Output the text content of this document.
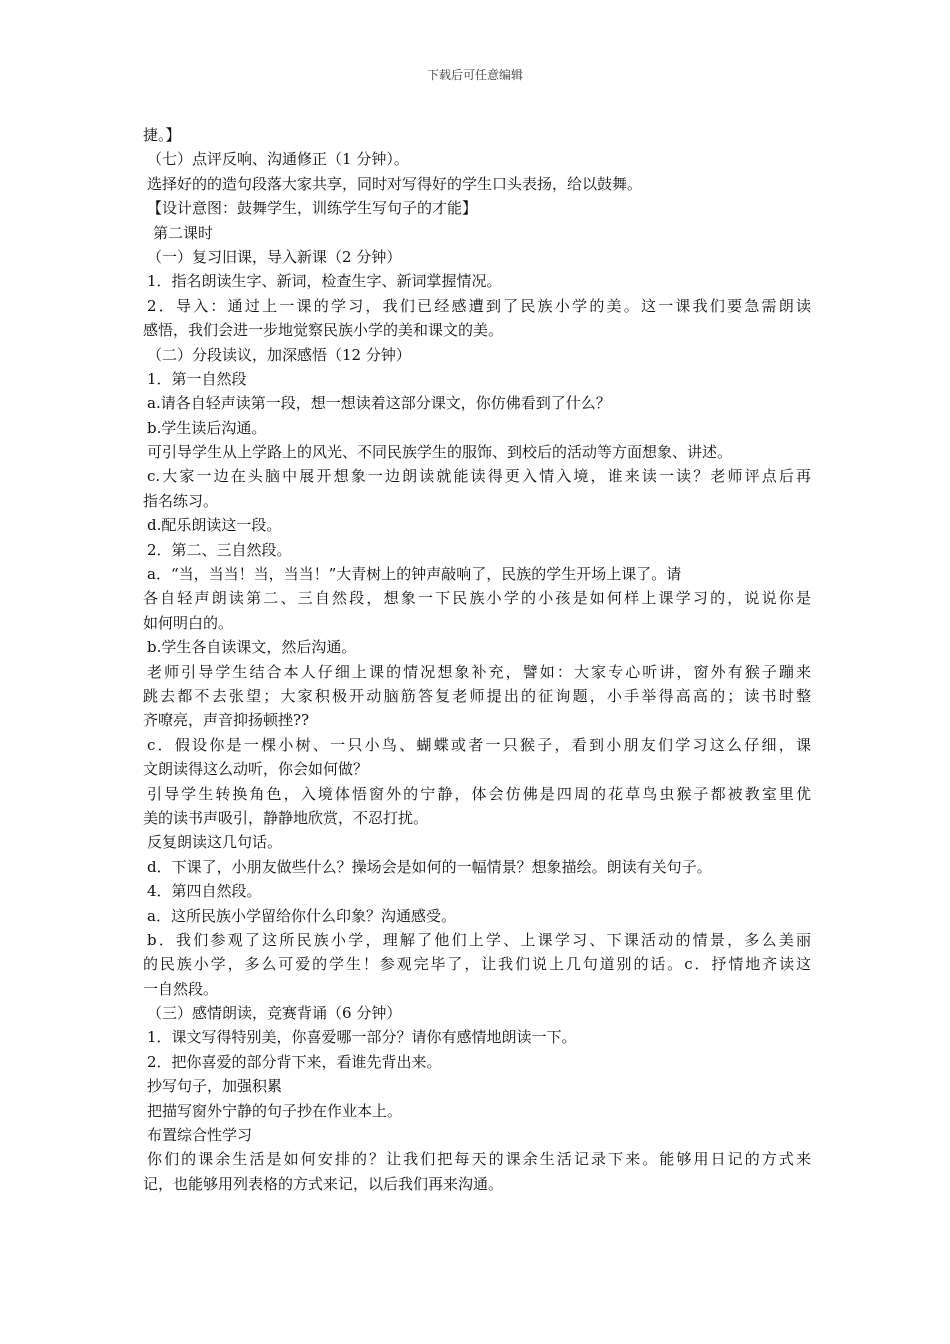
下载后可任意编辑
捷。】
（七）点评反响、沟通修正（1 分钟）。
选择好的的造句段落大家共享，同时对写得好的学生口头表扬，给以鼓舞。
【设计意图：鼓舞学生，训练学生写句子的才能】
第二课时
（一）复习旧课，导入新课（2 分钟）
1．指名朗读生字、新词，检查生字、新词掌握情况。
2．导入：通过上一课的学习，我们已经感遭到了民族小学的美。这一课我们要急需朗读
感悟，我们会进一步地觉察民族小学的美和课文的美。
（二）分段读议，加深感悟（12 分钟）
1．第一自然段
a.请各自轻声读第一段，想一想读着这部分课文，你仿佛看到了什么？
b.学生读后沟通。
可引导学生从上学路上的风光、不同民族学生的服饰、到校后的活动等方面想象、讲述。
c.大家一边在头脑中展开想象一边朗读就能读得更入情入境，谁来读一读？老师评点后再
指名练习。
d.配乐朗读这一段。
2．第二、三自然段。
a．“当，当当！当，当当！”大青树上的钟声敲响了，民族的学生开场上课了。请
各自轻声朗读第二、三自然段，想象一下民族小学的小孩是如何样上课学习的，说说你是
如何明白的。
b.学生各自读课文，然后沟通。
老师引导学生结合本人仔细上课的情况想象补充，譬如：大家专心听讲，窗外有猴子蹦来
跳去都不去张望；大家积极开动脑筋答复老师提出的征询题，小手举得高高的；读书时整
齐嘹亮，声音抑扬顿挫??
c．假设你是一棵小树、一只小鸟、蝴蝶或者一只猴子，看到小朋友们学习这么仔细，课
文朗读得这么动听，你会如何做？
引导学生转换角色，入境体悟窗外的宁静，体会仿佛是四周的花草鸟虫猴子都被教室里优
美的读书声吸引，静静地欣赏，不忍打扰。
反复朗读这几句话。
d．下课了，小朋友做些什么？操场会是如何的一幅情景？想象描绘。朗读有关句子。
4．第四自然段。
a．这所民族小学留给你什么印象？沟通感受。
b．我们参观了这所民族小学，理解了他们上学、上课学习、下课活动的情景，多么美丽
的民族小学，多么可爱的学生！参观完毕了，让我们说上几句道别的话。c．抒情地齐读这
一自然段。
（三）感情朗读，竞赛背诵（6 分钟）
1．课文写得特别美，你喜爱哪一部分？请你有感情地朗读一下。
2．把你喜爱的部分背下来，看谁先背出来。
抄写句子，加强积累
把描写窗外宁静的句子抄在作业本上。
布置综合性学习
你们的课余生活是如何安排的？让我们把每天的课余生活记录下来。能够用日记的方式来
记，也能够用列表格的方式来记，以后我们再来沟通。
